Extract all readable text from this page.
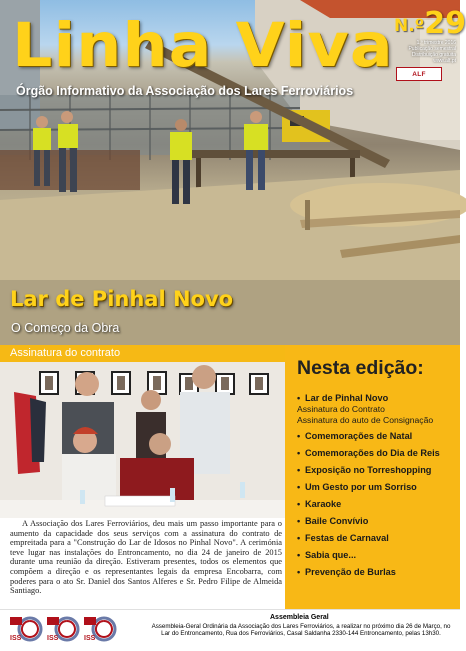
Linha Viva
Órgão Informativo da Associação dos Lares Ferroviários
N.º 29
1.º trimestre 2016
Publicação semestral
Distribuição gratuita
www.alf.pt
ALF
Lar de Pinhal Novo
O Começo da Obra
Assinatura do contrato
A Associação dos Lares Ferroviários, deu mais um passo importante para o aumento da capacidade dos seus serviços com a assinatura do contrato de empreitada para a "Construção do Lar de Idosos no Pinhal Novo". A cerimónia teve lugar nas instalações do Entroncamento, no dia 24 de janeiro de 2015 durante uma reunião da direção. Estiveram presentes, todos os elementos que compõem a direção e os representantes legais da empresa Encobarra, com poderes para o ato Sr. Daniel dos Santos Alferes e Sr. Pedro Filipe de Almeida Santiago.
Nesta edição:
• Lar de Pinhal Novo
Assinatura do Contrato
Assinatura do auto de Consignação
• Comemorações de Natal
• Comemorações do Dia de Reis
• Exposição no Torreshopping
• Um Gesto por um Sorriso
• Karaoke
• Baile Convívio
• Festas de Carnaval
• Sabia que...
• Prevenção de Burlas
ISS	ISS	ISS
Assembleia Geral
Assembleia-Geral Ordinária da Associação dos Lares Ferroviários, a realizar no próximo dia 26 de Março, no Lar do Entroncamento, Rua dos Ferroviários, Casal Saldanha 2330-144 Entroncamento, pelas 13h30.
